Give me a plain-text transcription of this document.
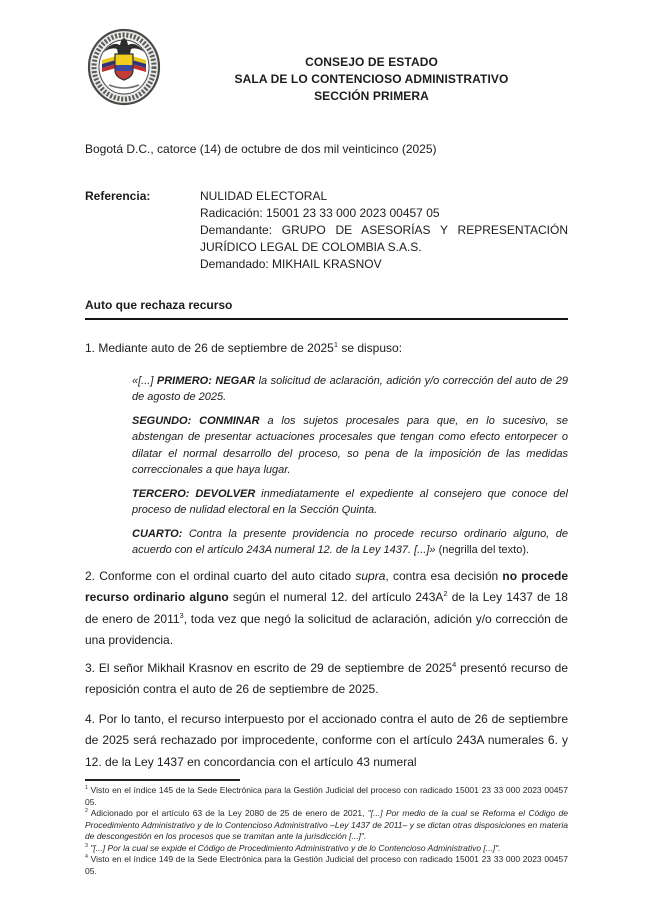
CONSEJO DE ESTADO
SALA DE LO CONTENCIOSO ADMINISTRATIVO
SECCIÓN PRIMERA

Bogotá D.C., catorce (14) de octubre de dos mil veinticinco (2025)

Referencia:	NULIDAD ELECTORAL
Radicación: 15001 23 33 000 2023 00457 05
Demandante: GRUPO DE ASESORÍAS Y REPRESENTACIÓN JURÍDICO LEGAL DE COLOMBIA S.A.S.
Demandado: MIKHAIL KRASNOV
Auto que rechaza recurso

1. Mediante auto de 26 de septiembre de 2025$^1$ se dispuso:

«[...] PRIMERO: NEGAR la solicitud de aclaración, adición y/o corrección del auto de 29 de agosto de 2025.

SEGUNDO: CONMINAR a los sujetos procesales para que, en lo sucesivo, se abstengan de presentar actuaciones procesales que tengan como efecto entorpecer o dilatar el normal desarrollo del proceso, so pena de la imposición de las medidas correccionales a que haya lugar.

TERCERO: DEVOLVER inmediatamente el expediente al consejero que conoce del proceso de nulidad electoral en la Sección Quinta.

CUARTO: Contra la presente providencia no procede recurso ordinario alguno, de acuerdo con el artículo 243A numeral 12. de la Ley 1437. [...]» (negrilla del texto).

2. Conforme con el ordinal cuarto del auto citado supra, contra esa decisión no procede recurso ordinario alguno según el numeral 12. del artículo $243A^2$ de la Ley 1437 de 18 de enero de 2011$^3$, toda vez que negó la solicitud de aclaración, adición y/o corrección de una providencia.

3. El señor Mikhail Krasnov en escrito de 29 de septiembre de 2025$^4$ presentó recurso de reposición contra el auto de 26 de septiembre de 2025.

4. Por lo tanto, el recurso interpuesto por el accionado contra el auto de 26 de septiembre de 2025 será rechazado por improcedente, conforme con el artículo 243A numerales 6. y 12. de la Ley 1437 en concordancia con el artículo 43 numeral

$^1$ Visto en el índice 145 de la Sede Electrónica para la Gestión Judicial del proceso con radicado 15001 23 33 000 2023 00457 05.

$^2$ Adicionado por el artículo 63 de la Ley 2080 de 25 de enero de 2021, "[...] Por medio de la cual se Reforma el Código de Procedimiento Administrativo y de lo Contencioso Administrativo –Ley 1437 de 2011– y se dictan otras disposiciones en materia de descongestión en los procesos que se tramitan ante la jurisdicción [...]".

$^3$ "[...] Por la cual se expide el Código de Procedimiento Administrativo y de lo Contencioso Administrativo [...]".

$^4$ Visto en el índice 149 de la Sede Electrónica para la Gestión Judicial del proceso con radicado 15001 23 33 000 2023 00457 05.
